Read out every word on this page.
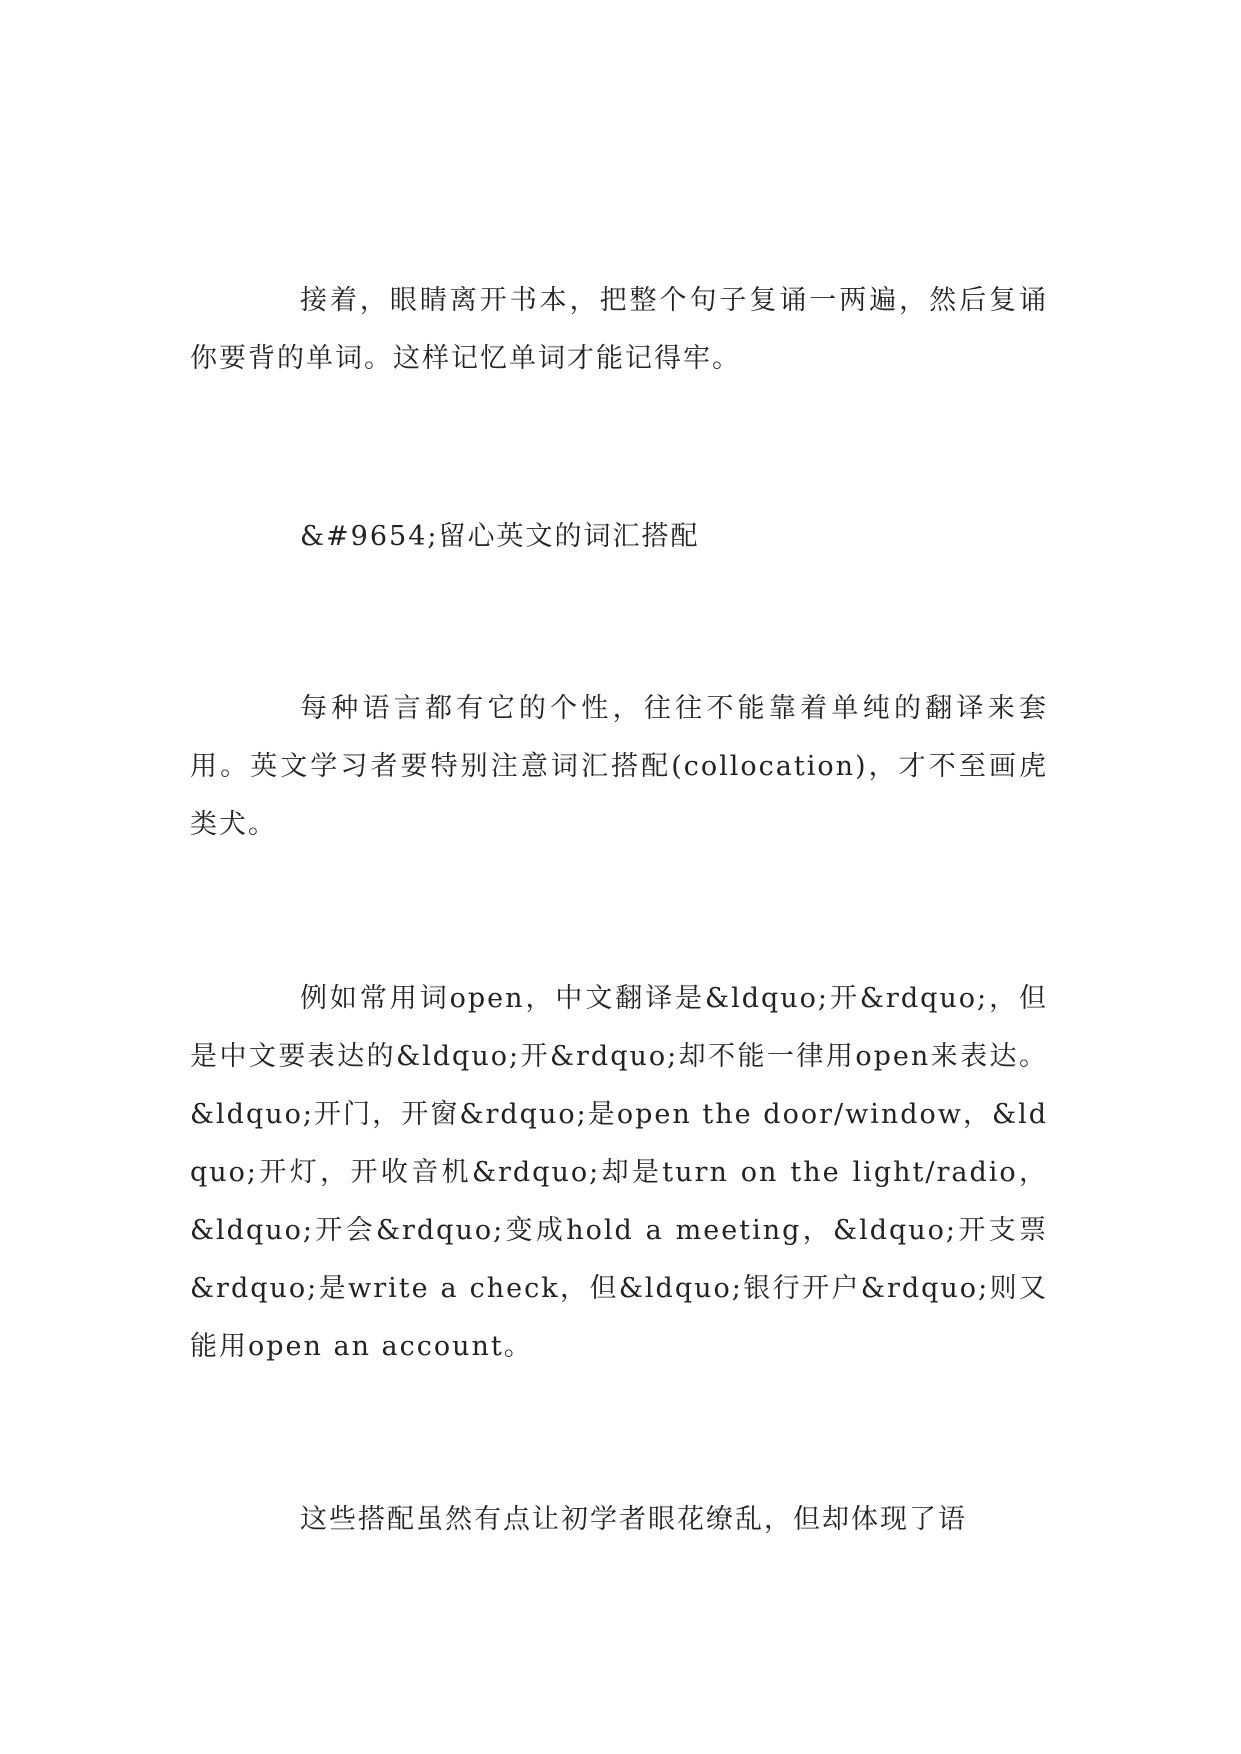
接着，眼睛离开书本，把整个句子复诵一两遍，然后复诵你要背的单词。这样记忆单词才能记得牢。

&#9654;留心英文的词汇搭配

每种语言都有它的个性，往往不能靠着单纯的翻译来套用。英文学习者要特别注意词汇搭配(collocation)，才不至画虎类犬。

例如常用词open，中文翻译是&ldquo;开&rdquo;，但是中文要表达的&ldquo;开&rdquo;却不能一律用open来表达。&ldquo;开门，开窗&rdquo;是open the door/window，&ldquo;开灯，开收音机&rdquo;却是turn on the light/radio，&ldquo;开会&rdquo;变成hold a meeting，&ldquo;开支票&rdquo;是write a check，但&ldquo;银行开户&rdquo;则又能用open an account。

这些搭配虽然有点让初学者眼花缭乱，但却体现了语
